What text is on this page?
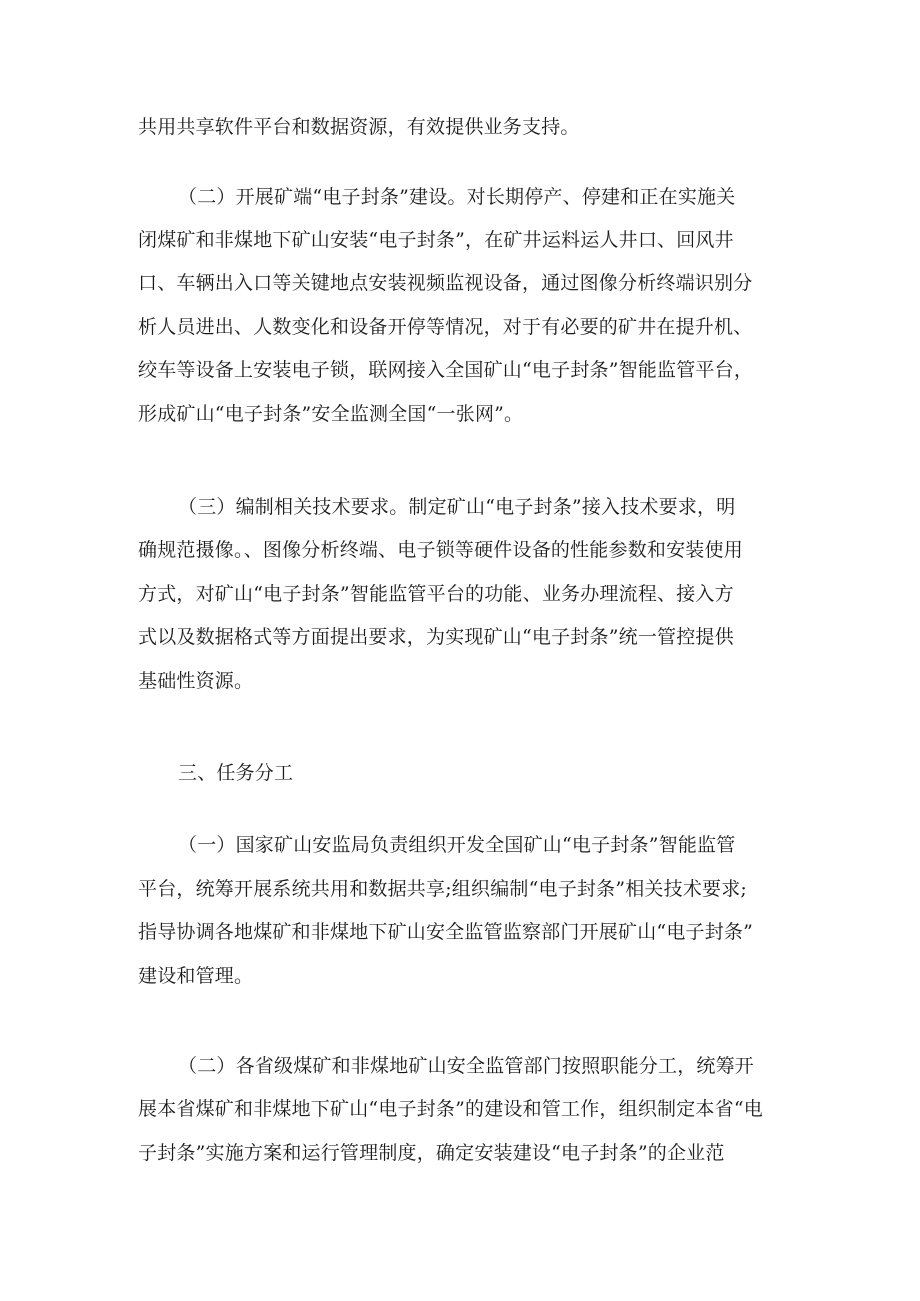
共用共享软件平台和数据资源，有效提供业务支持。
（二）开展矿端“电子封条”建设。对长期停产、停建和正在实施关
闭煤矿和非煤地下矿山安装“电子封条”，在矿井运料运人井口、回风井
口、车辆出入口等关键地点安装视频监视设备，通过图像分析终端识别分
析人员进出、人数变化和设备开停等情况，对于有必要的矿井在提升机、
绞车等设备上安装电子锁，联网接入全国矿山“电子封条”智能监管平台，
形成矿山“电子封条”安全监测全国“一张网”。
（三）编制相关技术要求。制定矿山“电子封条”接入技术要求，明
确规范摄像。、图像分析终端、电子锁等硬件设备的性能参数和安装使用
方式，对矿山“电子封条”智能监管平台的功能、业务办理流程、接入方
式以及数据格式等方面提出要求，为实现矿山“电子封条”统一管控提供
基础性资源。
三、任务分工
（一）国家矿山安监局负责组织开发全国矿山“电子封条”智能监管
平台，统筹开展系统共用和数据共享;组织编制“电子封条”相关技术要求;
指导协调各地煤矿和非煤地下矿山安全监管监察部门开展矿山“电子封条”
建设和管理。
（二）各省级煤矿和非煤地矿山安全监管部门按照职能分工，统筹开
展本省煤矿和非煤地下矿山“电子封条”的建设和管工作，组织制定本省“电
子封条”实施方案和运行管理制度，确定安装建设“电子封条”的企业范
